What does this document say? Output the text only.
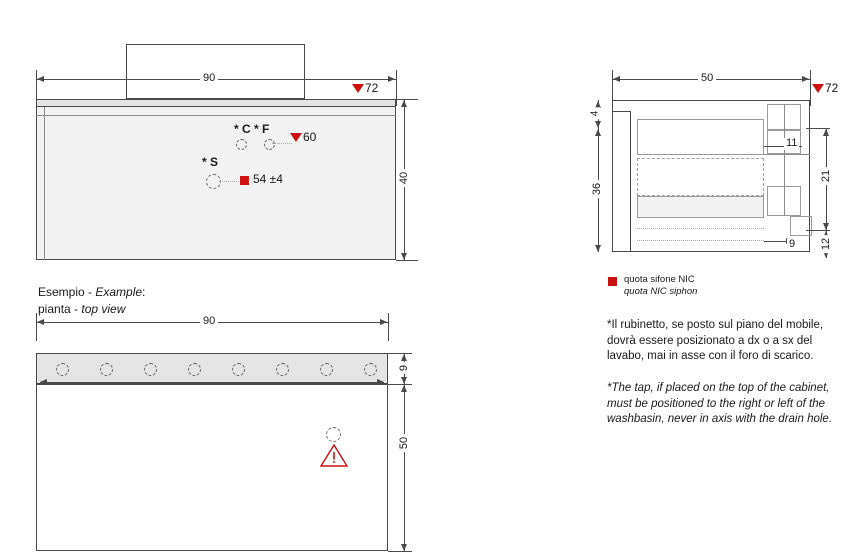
90
40
72
* C * F
60
* S
54 ±4
50
72
4
36
11
21
12
9
quota sifone NIC
quota NIC siphon
*Il rubinetto, se posto sul piano del mobile, dovrà essere posizionato a dx o a sx del lavabo, mai in asse con il foro di scarico.
*The tap, if placed on the top of the cabinet, must be positioned to the right or left of the washbasin, never in axis with the drain hole.
Esempio - Example:
pianta - top view
90
9
50
